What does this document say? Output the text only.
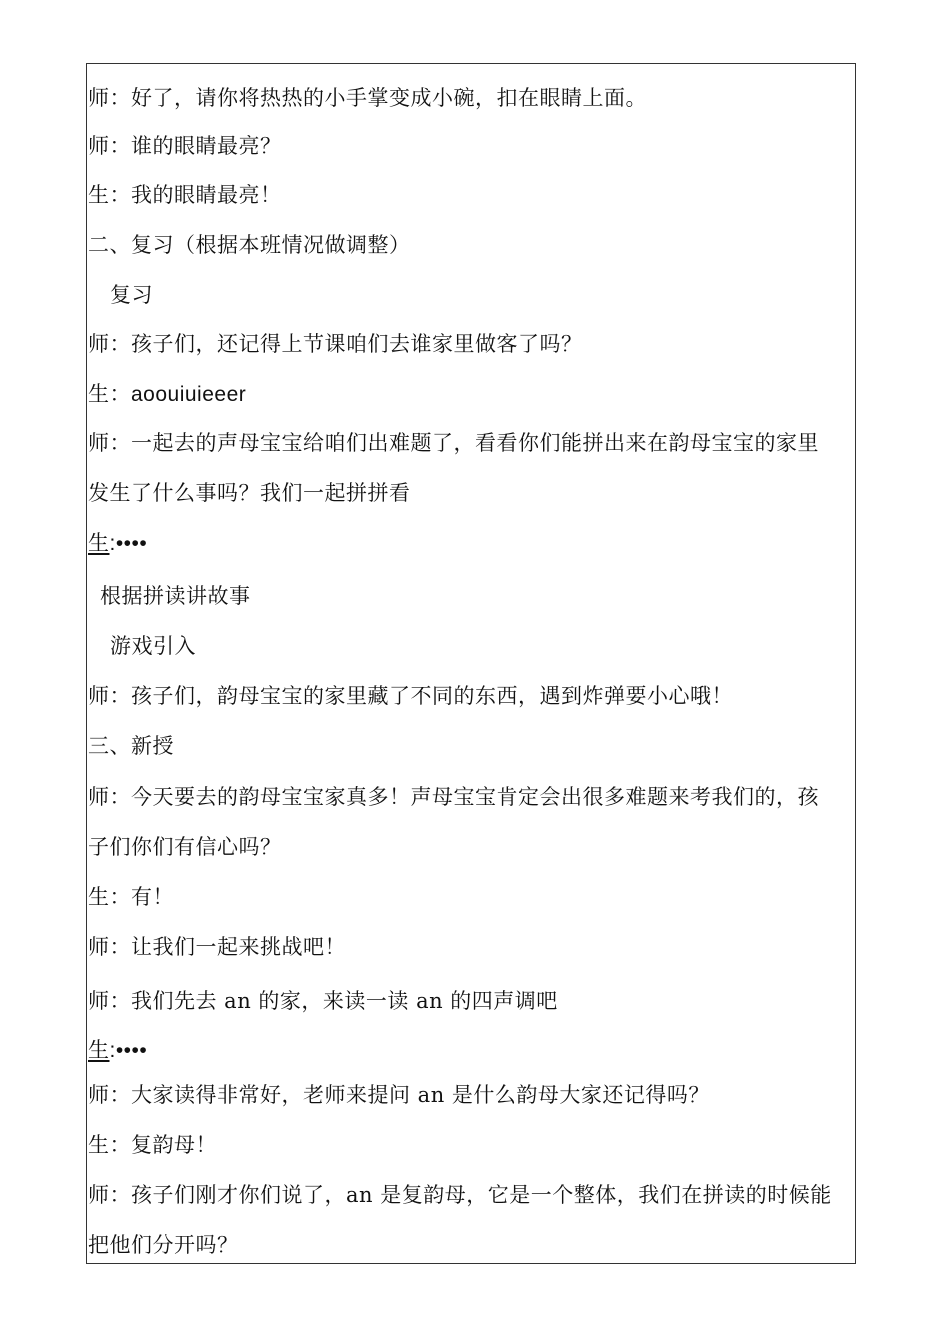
师：好了，请你将热热的小手掌变成小碗，扣在眼睛上面。
师：谁的眼睛最亮？
生：我的眼睛最亮！
二、复习（根据本班情况做调整）
复习
师：孩子们，还记得上节课咱们去谁家里做客了吗？
生：aoouiuieeer
师：一起去的声母宝宝给咱们出难题了，看看你们能拼出来在韵母宝宝的家里
发生了什么事吗？我们一起拼拼看
生:••••
根据拼读讲故事
游戏引入
师：孩子们，韵母宝宝的家里藏了不同的东西，遇到炸弹要小心哦！
三、新授
师：今天要去的韵母宝宝家真多！声母宝宝肯定会出很多难题来考我们的，孩
子们你们有信心吗？
生：有！
师：让我们一起来挑战吧！
师：我们先去 an 的家，来读一读 an 的四声调吧
生:••••
师：大家读得非常好，老师来提问 an 是什么韵母大家还记得吗？
生：复韵母！
师：孩子们刚才你们说了，an 是复韵母，它是一个整体，我们在拼读的时候能
把他们分开吗？
